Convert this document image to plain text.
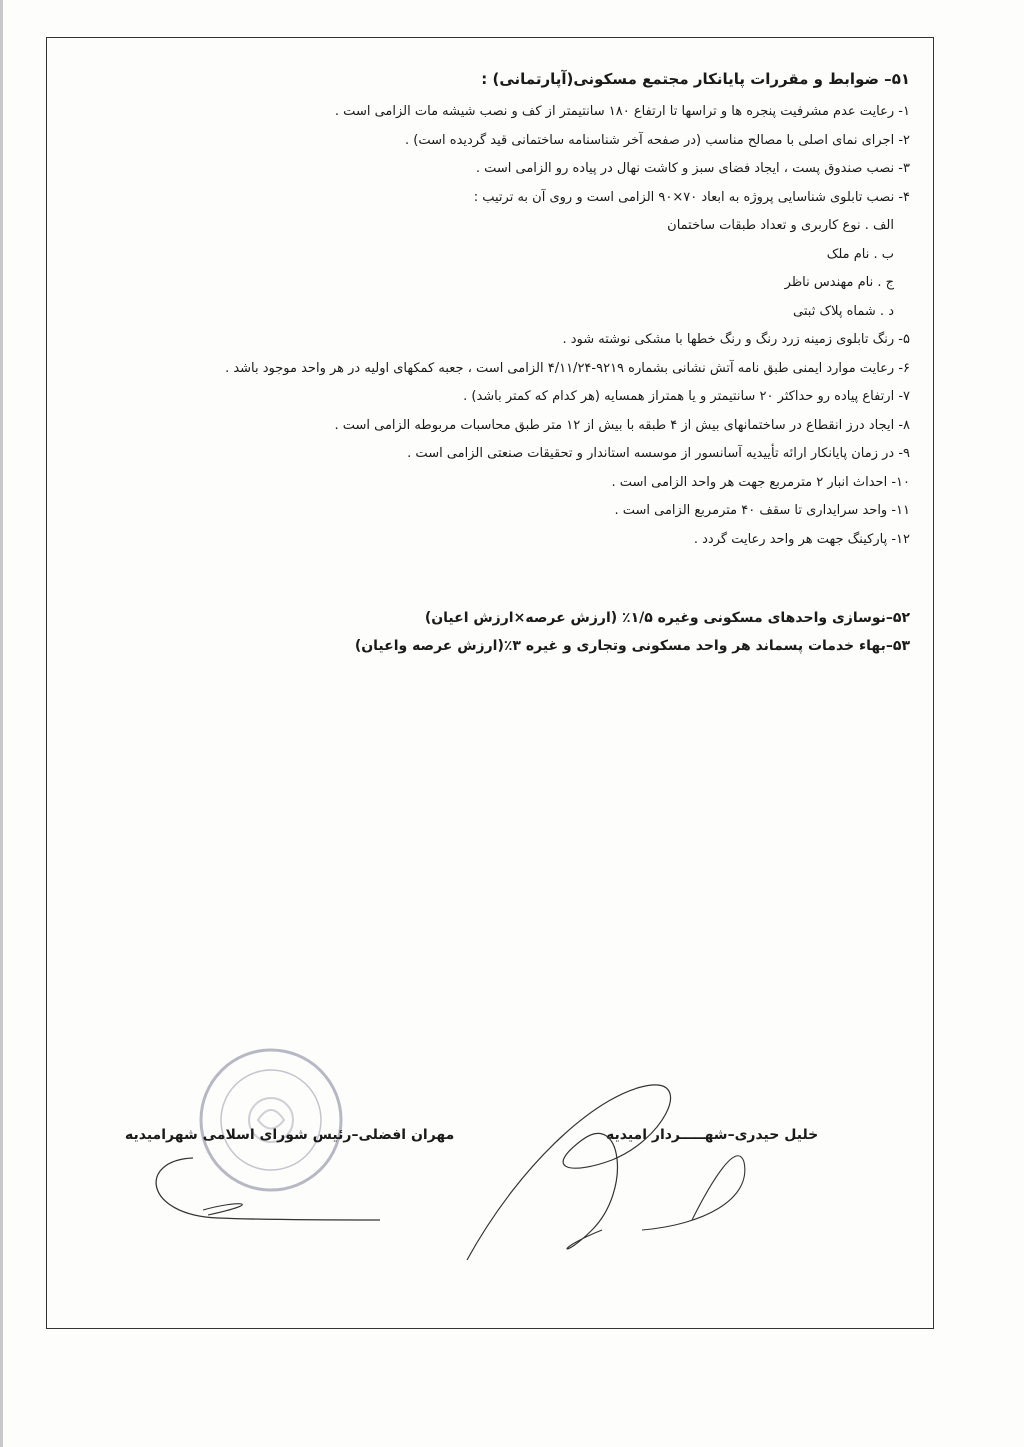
۵۱– ضوابط و مقررات پایانکار مجتمع مسکونی(آپارتمانی) :
۱- رعایت عدم مشرفیت پنجره ها و تراسها تا ارتفاع ۱۸۰ سانتیمتر از کف و نصب شیشه مات الزامی است .
۲- اجرای نمای اصلی با مصالح مناسب (در صفحه آخر شناسنامه ساختمانی قید گردیده است) .
۳- نصب صندوق پست ، ایجاد فضای سبز و کاشت نهال در پیاده رو الزامی است .
۴- نصب تابلوی شناسایی پروژه به ابعاد ۷۰×۹۰ الزامی است و روی آن به ترتیب :
الف . نوع کاربری و تعداد طبقات ساختمان
ب . نام ملک
ج . نام مهندس ناظر
د . شماه پلاک ثبتی
۵- رنگ تابلوی زمینه زرد رنگ و رنگ خطها با مشکی نوشته شود .
۶- رعایت موارد ایمنی طبق نامه آتش نشانی بشماره ۹۲۱۹-۴/۱۱/۲۴ الزامی است ، جعبه کمکهای اولیه در هر واحد موجود باشد .
۷- ارتفاع پیاده رو حداکثر ۲۰ سانتیمتر و یا همتراز همسایه (هر کدام که کمتر باشد) .
۸- ایجاد درز انقطاع در ساختمانهای بیش از ۴ طبقه با بیش از ۱۲ متر طبق محاسبات مربوطه الزامی است .
۹- در زمان پایانکار ارائه تأییدیه آسانسور از موسسه استاندار و تحقیقات صنعتی الزامی است .
۱۰- احداث انبار ۲ مترمربع جهت هر واحد الزامی است .
۱۱- واحد سرایداری تا سقف ۴۰ مترمربع الزامی است .
۱۲- پارکینگ جهت هر واحد رعایت گردد .
۵۲–نوسازی واحدهای مسکونی وغیره ۱/۵٪ (ارزش عرصه×ارزش اعیان)
۵۳–بهاء خدمات پسماند هر واحد مسکونی وتجاری و غیره ۳٪(ارزش عرصه واعیان)
خلیل حیدری–شهـــــردار امیدیه
مهران افضلی–رئیس شورای اسلامی شهرامیدیه
